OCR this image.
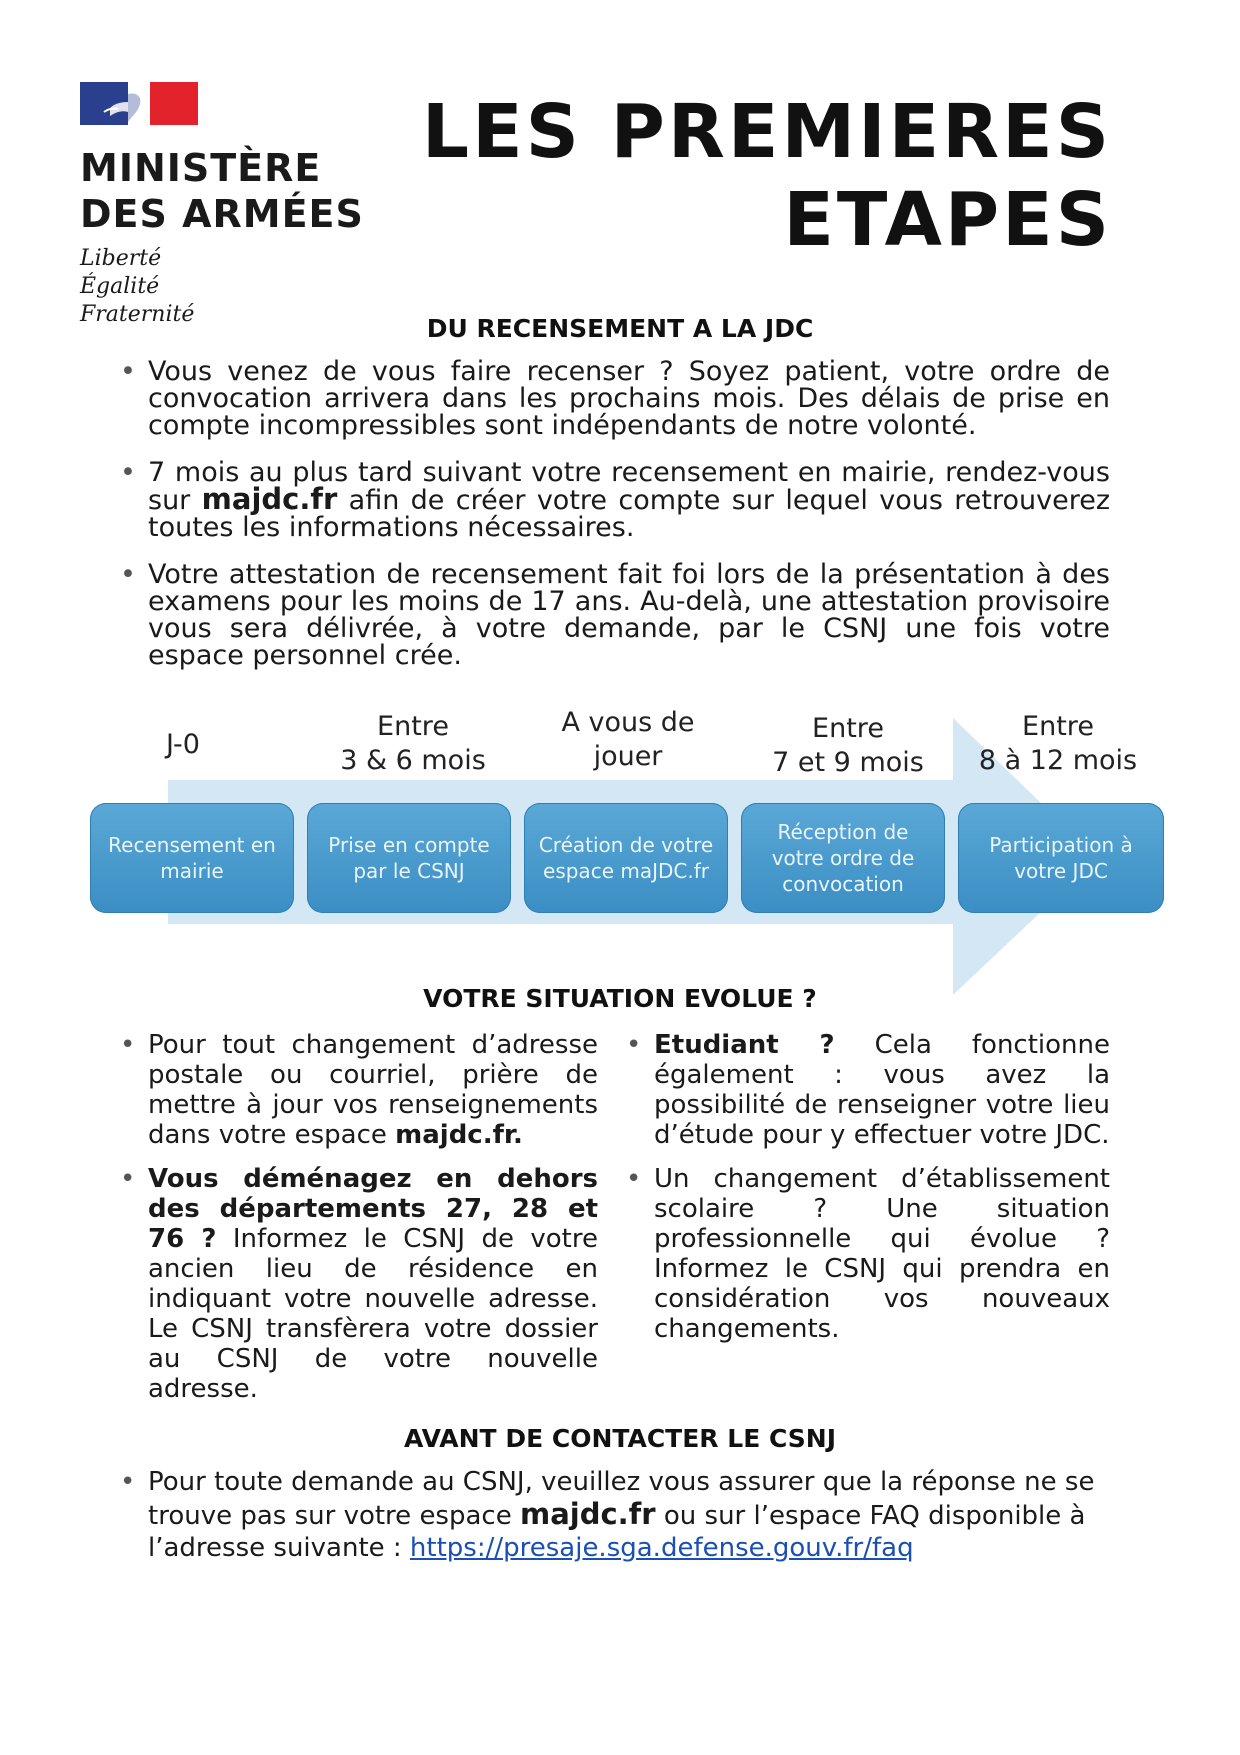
MINISTÈRE
DES ARMÉES
Liberté
Égalité
Fraternité
LES PREMIERES
ETAPES
DU RECENSEMENT A LA JDC
• Vous venez de vous faire recenser ? Soyez patient, votre ordre de convocation arrivera dans les prochains mois. Des délais de prise en compte incompressibles sont indépendants de notre volonté.
• 7 mois au plus tard suivant votre recensement en mairie, rendez-vous sur majdc.fr afin de créer votre compte sur lequel vous retrouverez toutes les informations nécessaires.
• Votre attestation de recensement fait foi lors de la présentation à des examens pour les moins de 17 ans. Au-delà, une attestation provisoire vous sera délivrée, à votre demande, par le CSNJ une fois votre espace personnel crée.
J-0
Entre
3 & 6 mois
A vous de
jouer
Entre
7 et 9 mois
Entre
8 à 12 mois
Recensement en
mairie
Prise en compte
par le CSNJ
Création de votre
espace maJDC.fr
Réception de
votre ordre de
convocation
Participation à
votre JDC
VOTRE SITUATION EVOLUE ?
• Pour tout changement d’adresse postale ou courriel, prière de mettre à jour vos renseignements dans votre espace majdc.fr.
• Vous déménagez en dehors des départements 27, 28 et 76 ? Informez le CSNJ de votre ancien lieu de résidence en indiquant votre nouvelle adresse. Le CSNJ transfèrera votre dossier au CSNJ de votre nouvelle adresse.
• Etudiant ? Cela fonctionne également : vous avez la possibilité de renseigner votre lieu d’étude pour y effectuer votre JDC.
• Un changement d’établissement scolaire ? Une situation professionnelle qui évolue ? Informez le CSNJ qui prendra en considération vos nouveaux changements.
AVANT DE CONTACTER LE CSNJ
• Pour toute demande au CSNJ, veuillez vous assurer que la réponse ne se trouve pas sur votre espace majdc.fr ou sur l’espace FAQ disponible à l’adresse suivante : https://presaje.sga.defense.gouv.fr/faq
